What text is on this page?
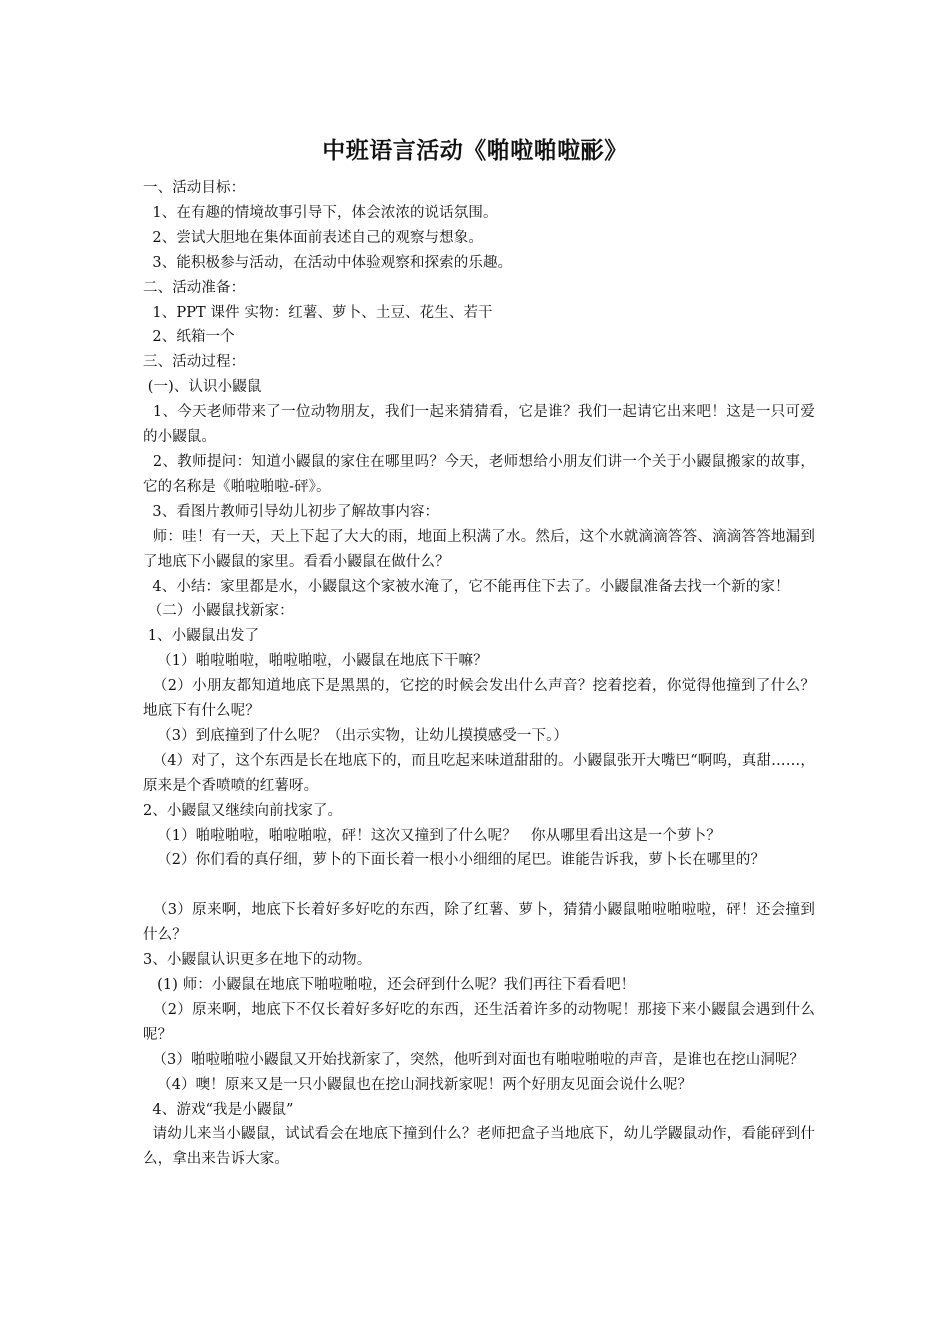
中班语言活动《啪啦啪啦彨》
一、活动目标：
1、在有趣的情境故事引导下，体会浓浓的说话氛围。
2、尝试大胆地在集体面前表述自己的观察与想象。
3、能积极参与活动，在活动中体验观察和探索的乐趣。
二、活动准备：
1、PPT 课件 实物：红薯、萝卜、土豆、花生、若干
2、纸箱一个
三、活动过程：
(一)、认识小鼹鼠
1、今天老师带来了一位动物朋友，我们一起来猜猜看，它是谁？我们一起请它出来吧！这是一只可爱的小鼹鼠。
2、教师提问：知道小鼹鼠的家住在哪里吗？今天，老师想给小朋友们讲一个关于小鼹鼠搬家的故事，它的名称是《啪啦啪啦-砰》。
3、看图片教师引导幼儿初步了解故事内容：
师：哇！有一天，天上下起了大大的雨，地面上积满了水。然后，这个水就滴滴答答、滴滴答答地漏到了地底下小鼹鼠的家里。看看小鼹鼠在做什么？
4、小结：家里都是水，小鼹鼠这个家被水淹了，它不能再住下去了。小鼹鼠准备去找一个新的家！
（二）小鼹鼠找新家：
1、小鼹鼠出发了
（1）啪啦啪啦，啪啦啪啦，小鼹鼠在地底下干嘛？
（2）小朋友都知道地底下是黑黑的，它挖的时候会发出什么声音？挖着挖着，你觉得他撞到了什么？地底下有什么呢？
（3）到底撞到了什么呢？（出示实物，让幼儿摸摸感受一下。）
（4）对了，这个东西是长在地底下的，而且吃起来味道甜甜的。小鼹鼠张开大嘴巴“啊呜，真甜……，原来是个香喷喷的红薯呀。
2、小鼹鼠又继续向前找家了。
（1）啪啦啪啦，啪啦啪啦，砰！这次又撞到了什么呢？   你从哪里看出这是一个萝卜？
（2）你们看的真仔细，萝卜的下面长着一根小小细细的尾巴。谁能告诉我，萝卜长在哪里的？
（3）原来啊，地底下长着好多好吃的东西，除了红薯、萝卜，猜猜小鼹鼠啪啦啪啦啦，砰！还会撞到什么？
3、小鼹鼠认识更多在地下的动物。
(1) 师：小鼹鼠在地底下啪啦啪啦，还会砰到什么呢？我们再往下看看吧！
（2）原来啊，地底下不仅长着好多好吃的东西，还生活着许多的动物呢！那接下来小鼹鼠会遇到什么呢？
（3）啪啦啪啦小鼹鼠又开始找新家了，突然，他听到对面也有啪啦啪啦的声音，是谁也在挖山洞呢？
（4）噢！原来又是一只小鼹鼠也在挖山洞找新家呢！两个好朋友见面会说什么呢？
4、游戏“我是小鼹鼠”
请幼儿来当小鼹鼠，试试看会在地底下撞到什么？老师把盒子当地底下，幼儿学鼹鼠动作，看能砰到什么，拿出来告诉大家。
